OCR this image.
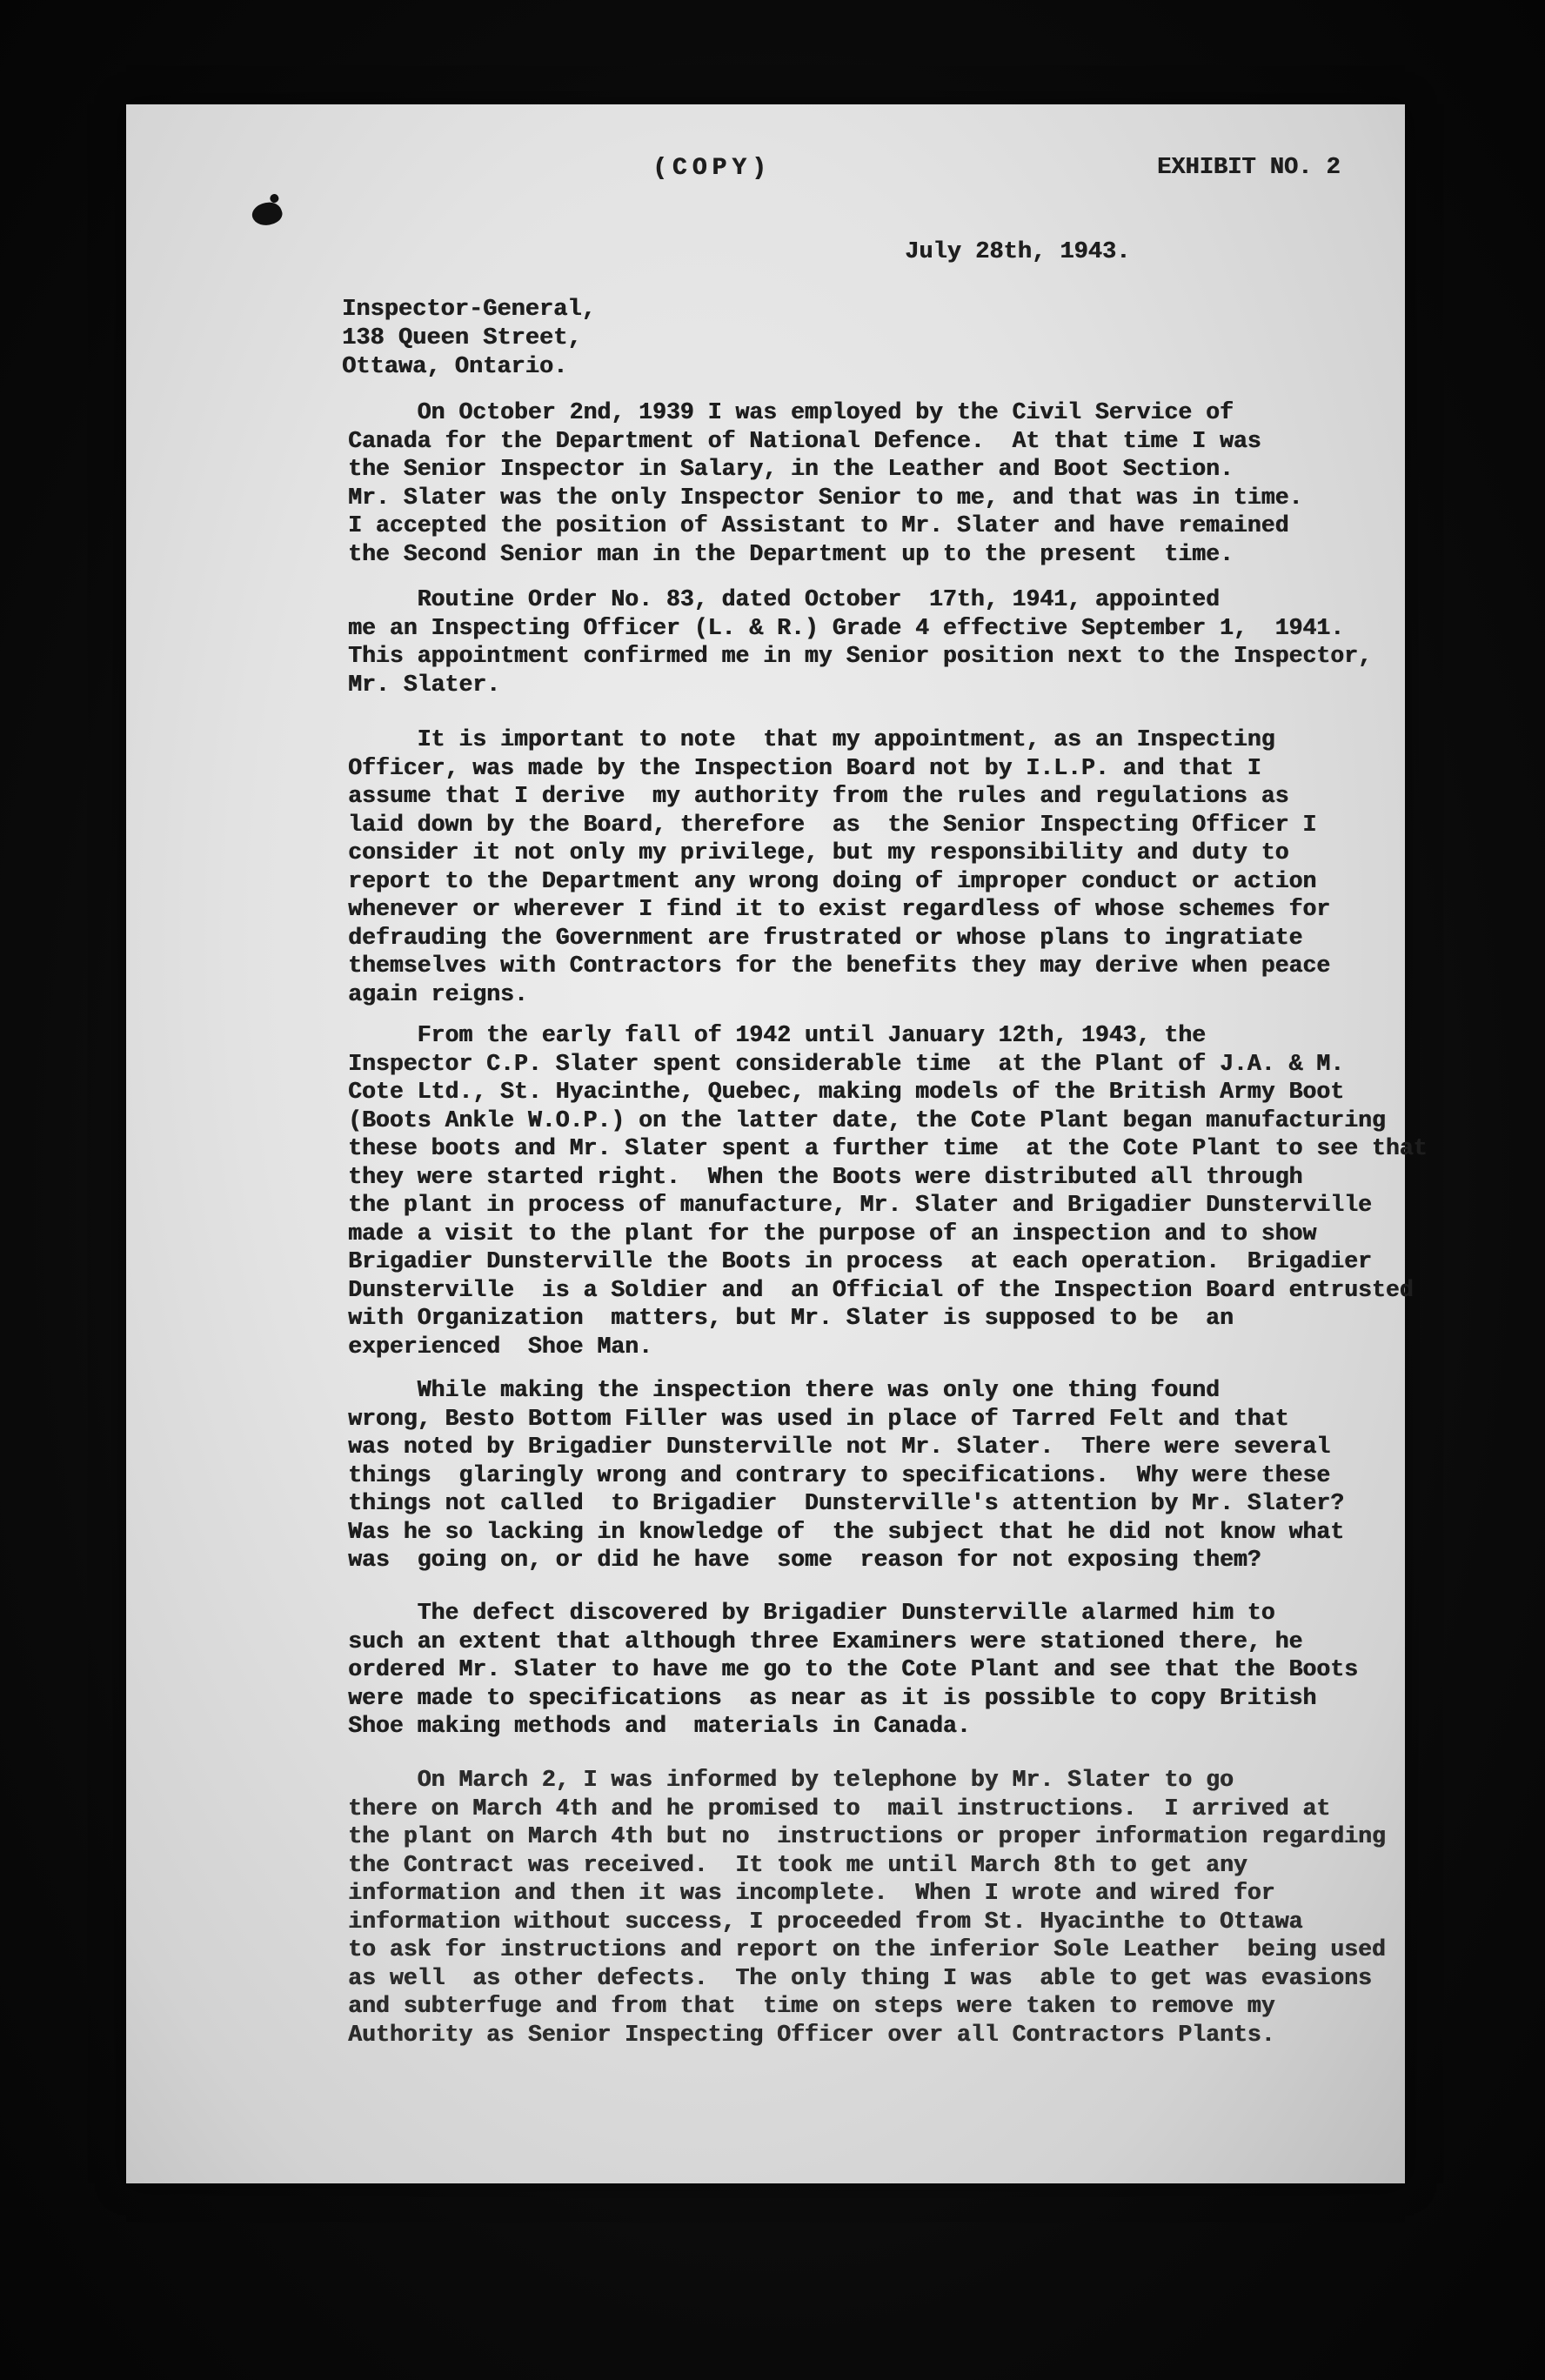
(COPY)	EXHIBIT NO. 2
July 28th, 1943.
Inspector-General,
138 Queen Street,
Ottawa, Ontario.
On October 2nd, 1939 I was employed by the Civil Service of
Canada for the Department of National Defence.  At that time I was
the Senior Inspector in Salary, in the Leather and Boot Section.
Mr. Slater was the only Inspector Senior to me, and that was in time.
I accepted the position of Assistant to Mr. Slater and have remained
the Second Senior man in the Department up to the present  time.
Routine Order No. 83, dated October  17th, 1941, appointed
me an Inspecting Officer (L. & R.) Grade 4 effective September 1,  1941.
This appointment confirmed me in my Senior position next to the Inspector,
Mr. Slater.
It is important to note  that my appointment, as an Inspecting
Officer, was made by the Inspection Board not by I.L.P. and that I
assume that I derive  my authority from the rules and regulations as
laid down by the Board, therefore  as  the Senior Inspecting Officer I
consider it not only my privilege, but my responsibility and duty to
report to the Department any wrong doing of improper conduct or action
whenever or wherever I find it to exist regardless of whose schemes for
defrauding the Government are frustrated or whose plans to ingratiate
themselves with Contractors for the benefits they may derive when peace
again reigns.
From the early fall of 1942 until January 12th, 1943, the
Inspector C.P. Slater spent considerable time  at the Plant of J.A. & M.
Cote Ltd., St. Hyacinthe, Quebec, making models of the British Army Boot
(Boots Ankle W.O.P.) on the latter date, the Cote Plant began manufacturing
these boots and Mr. Slater spent a further time  at the Cote Plant to see that
they were started right.  When the Boots were distributed all through
the plant in process of manufacture, Mr. Slater and Brigadier Dunsterville
made a visit to the plant for the purpose of an inspection and to show
Brigadier Dunsterville the Boots in process  at each operation.  Brigadier
Dunsterville  is a Soldier and  an Official of the Inspection Board entrusted
with Organization  matters, but Mr. Slater is supposed to be  an
experienced  Shoe Man.
While making the inspection there was only one thing found
wrong, Besto Bottom Filler was used in place of Tarred Felt and that
was noted by Brigadier Dunsterville not Mr. Slater.  There were several
things  glaringly wrong and contrary to specifications.  Why were these
things not called  to Brigadier  Dunsterville's attention by Mr. Slater?
Was he so lacking in knowledge of  the subject that he did not know what
was  going on, or did he have  some  reason for not exposing them?
The defect discovered by Brigadier Dunsterville alarmed him to
such an extent that although three Examiners were stationed there, he
ordered Mr. Slater to have me go to the Cote Plant and see that the Boots
were made to specifications  as near as it is possible to copy British
Shoe making methods and  materials in Canada.
On March 2, I was informed by telephone by Mr. Slater to go
there on March 4th and he promised to  mail instructions.  I arrived at
the plant on March 4th but no  instructions or proper information regarding
the Contract was received.  It took me until March 8th to get any
information and then it was incomplete.  When I wrote and wired for
information without success, I proceeded from St. Hyacinthe to Ottawa
to ask for instructions and report on the inferior Sole Leather  being used
as well  as other defects.  The only thing I was  able to get was evasions
and subterfuge and from that  time on steps were taken to remove my
Authority as Senior Inspecting Officer over all Contractors Plants.
